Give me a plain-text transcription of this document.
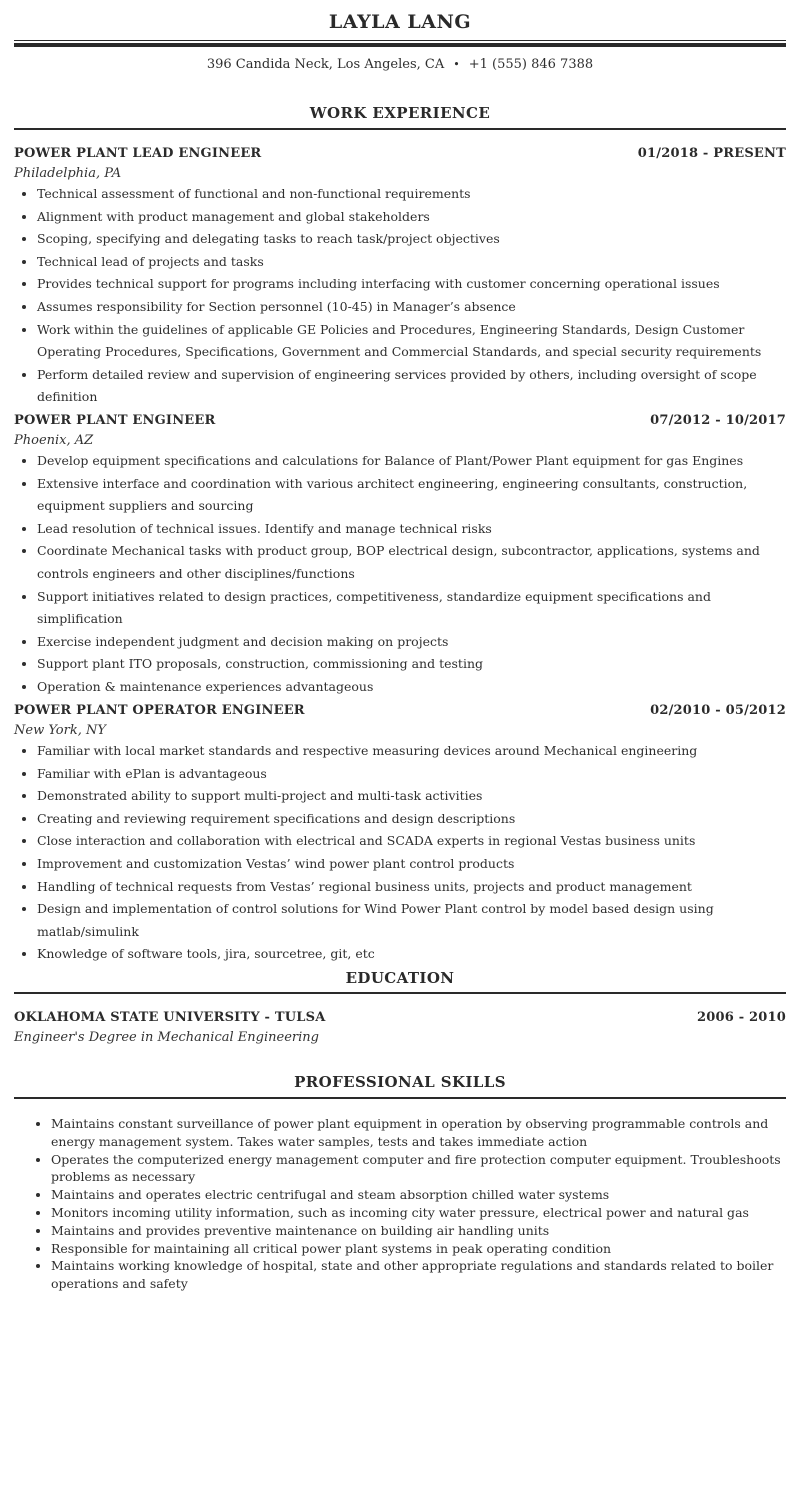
LAYLA LANG
396 Candida Neck, Los Angeles, CA • +1 (555) 846 7388
WORK EXPERIENCE
POWER PLANT LEAD ENGINEER	01/2018 - PRESENT
Philadelphia, PA
• Technical assessment of functional and non-functional requirements
• Alignment with product management and global stakeholders
• Scoping, specifying and delegating tasks to reach task/project objectives
• Technical lead of projects and tasks
• Provides technical support for programs including interfacing with customer concerning operational issues
• Assumes responsibility for Section personnel (10-45) in Manager’s absence
• Work within the guidelines of applicable GE Policies and Procedures, Engineering Standards, Design Customer Operating Procedures, Specifications, Government and Commercial Standards, and special security requirements
• Perform detailed review and supervision of engineering services provided by others, including oversight of scope definition
POWER PLANT ENGINEER	07/2012 - 10/2017
Phoenix, AZ
• Develop equipment specifications and calculations for Balance of Plant/Power Plant equipment for gas Engines
• Extensive interface and coordination with various architect engineering, engineering consultants, construction, equipment suppliers and sourcing
• Lead resolution of technical issues. Identify and manage technical risks
• Coordinate Mechanical tasks with product group, BOP electrical design, subcontractor, applications, systems and controls engineers and other disciplines/functions
• Support initiatives related to design practices, competitiveness, standardize equipment specifications and simplification
• Exercise independent judgment and decision making on projects
• Support plant ITO proposals, construction, commissioning and testing
• Operation & maintenance experiences advantageous
POWER PLANT OPERATOR ENGINEER	02/2010 - 05/2012
New York, NY
• Familiar with local market standards and respective measuring devices around Mechanical engineering
• Familiar with ePlan is advantageous
• Demonstrated ability to support multi-project and multi-task activities
• Creating and reviewing requirement specifications and design descriptions
• Close interaction and collaboration with electrical and SCADA experts in regional Vestas business units
• Improvement and customization Vestas’ wind power plant control products
• Handling of technical requests from Vestas’ regional business units, projects and product management
• Design and implementation of control solutions for Wind Power Plant control by model based design using matlab/simulink
• Knowledge of software tools, jira, sourcetree, git, etc
EDUCATION
OKLAHOMA STATE UNIVERSITY - TULSA	2006 - 2010
Engineer's Degree in Mechanical Engineering
PROFESSIONAL SKILLS
• Maintains constant surveillance of power plant equipment in operation by observing programmable controls and energy management system. Takes water samples, tests and takes immediate action
• Operates the computerized energy management computer and fire protection computer equipment. Troubleshoots problems as necessary
• Maintains and operates electric centrifugal and steam absorption chilled water systems
• Monitors incoming utility information, such as incoming city water pressure, electrical power and natural gas
• Maintains and provides preventive maintenance on building air handling units
• Responsible for maintaining all critical power plant systems in peak operating condition
• Maintains working knowledge of hospital, state and other appropriate regulations and standards related to boiler operations and safety
